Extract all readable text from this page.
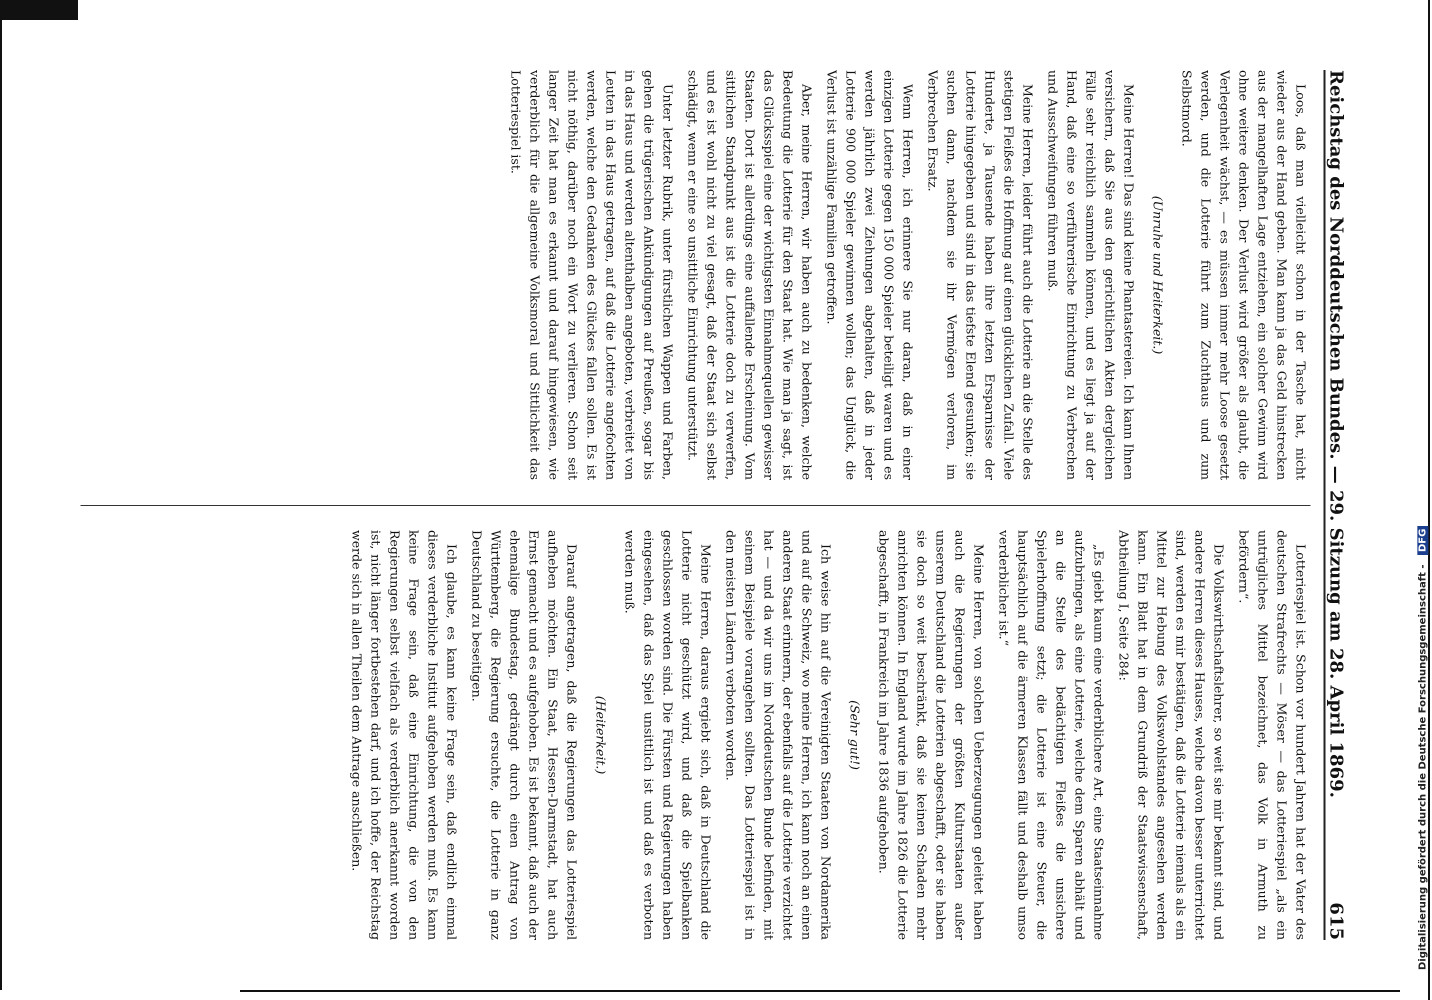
Reichstag des Norddeutschen Bundes. — 29. Sitzung am 28. April 1869.
615

Loos, daß man vielleicht schon in der Tasche hat, nicht wieder aus der Hand geben. Man kann ja das Geld hinstrecken aus der mangelhaften Lage entziehen, ein solcher Gewinn wird ohne weitere denken. Der Verlust wird größer als glaubt, die Verlegenheit wächst, — es müssen immer mehr Loose gesetzt werden, und die Lotterie führt zum Zuchthaus und zum Selbstmord.

(Unruhe und Heiterkeit.)

Meine Herren! Das sind keine Phantastereien. Ich kann Ihnen versichern, daß Sie aus den gerichtlichen Akten dergleichen Fälle sehr reichlich sammeln können, und es liegt ja auf der Hand, daß eine so verführerische Einrichtung zu Verbrechen und Ausschweifungen führen muß.

Meine Herren, leider führt auch die Lotterie an die Stelle des stetigen Fleißes die Hoffnung auf einen glücklichen Zufall. Viele Hunderte, ja Tausende haben ihre letzten Ersparnisse der Lotterie hingegeben und sind in das tiefste Elend gesunken; sie suchen dann, nachdem sie ihr Vermögen verloren, im Verbrechen Ersatz.

Wenn Herren, ich erinnere Sie nur daran, daß in einer einzigen Lotterie gegen 150 000 Spieler beteiligt waren und es werden jährlich zwei Ziehungen abgehalten, daß in jeder Lotterie 900 000 Spieler gewinnen wollen; das Unglück, die Verlust ist unzählige Familien getroffen.

Aber, meine Herren, wir haben auch zu bedenken, welche Bedeutung die Lotterie für den Staat hat. Wie man ja sagt, ist das Glücksspiel eine der wichtigsten Einnahmequellen gewisser Staaten. Dort ist allerdings eine auffallende Erscheinung. Vom sittlichen Standpunkt aus ist die Lotterie doch zu verwerfen, und es ist wohl nicht zu viel gesagt, daß der Staat sich selbst schädigt, wenn er eine so unsittliche Einrichtung unterstützt.

Unter letzter Rubrik, unter fürstlichen Wappen und Farben, gehen die trügerischen Ankündigungen auf Preußen, sogar bis in das Haus und werden altenthalben angeboten, verbreitet von Leuten in das Haus getragen, auf daß die Lotterie angefochten werden, welche den Gedanken des Glückes fallen sollen. Es ist nicht nöthig, darüber noch ein Wort zu verlieren. Schon seit langer Zeit hat man es erkannt und darauf hingewiesen, wie verderblich für die allgemeine Volksmoral und Sittlichkeit das Lotteriespiel ist.

Lotteriespiel ist. Schon vor hundert Jahren hat der Vater des deutschen Strafrechts — Möser — das Lotteriespiel „als ein untrügliches Mittel bezeichnet, das Volk in Armuth zu befördern“.

Die Volkswirthschaftslehrer, so weit sie mir bekannt sind, und andere Herren dieses Hauses, welche davon besser unterrichtet sind, werden es mir bestätigen, daß die Lotterie niemals als ein Mittel zur Hebung des Volkswohlstandes angesehen werden kann. Ein Blatt hat in dem Grundriß der Staatswissenschaft, Abtheilung I, Seite 284:

„Es giebt kaum eine verderblichere Art, eine Staatseinnahme aufzubringen, als eine Lotterie, welche dem Sparen abhält und an die Stelle des bedächtigen Fleißes die unsichere Spielerhoffnung setzt; die Lotterie ist eine Steuer, die hauptsächlich auf die ärmeren Klassen fällt und deshalb umso verderblicher ist.“

Meine Herren, von solchen Ueberzeugungen geleitet haben auch die Regierungen der größten Kulturstaaten außer unserem Deutschland die Lotterien abgeschafft, oder sie haben sie doch so weit beschränkt, daß sie keinen Schaden mehr anrichten können. In England wurde im Jahre 1826 die Lotterie abgeschafft, in Frankreich im Jahre 1836 aufgehoben.

(Sehr gut!)

Ich weise hin auf die Vereinigten Staaten von Nordamerika und auf die Schweiz, wo meine Herren, ich kann noch an einen anderen Staat erinnern, der ebenfalls auf die Lotterie verzichtet hat — und da wir uns im Norddeutschen Bunde befinden, mit seinem Beispiele vorangehen sollten. Das Lotteriespiel ist in den meisten Ländern verboten worden.

Meine Herren, daraus ergiebt sich, daß in Deutschland die Lotterie nicht geschützt wird, und daß die Spielbanken geschlossen worden sind. Die Fürsten und Regierungen haben eingesehen, daß das Spiel unsittlich ist und daß es verboten werden muß.

(Heiterkeit.)

Darauf angetragen, daß die Regierungen das Lotteriespiel aufheben möchten. Ein Staat, Hessen-Darmstadt, hat auch Ernst gemacht und es aufgehoben. Es ist bekannt, daß auch der ehemalige Bundestag, gedrängt durch einen Antrag von Württemberg, die Regierung ersuchte, die Lotterie in ganz Deutschland zu beseitigen.

Ich glaube, es kann keine Frage sein, daß endlich einmal dieses verderbliche Institut aufgehoben werden muß. Es kann keine Frage sein, daß eine Einrichtung, die von den Regierungen selbst vielfach als verderblich anerkannt worden ist, nicht länger fortbestehen darf, und ich hoffe, der Reichstag werde sich in allen Theilen dem Antrage anschließen.	Digitalisierung gefördert durch die Deutsche Forschungsgemeinschaft - DFG
